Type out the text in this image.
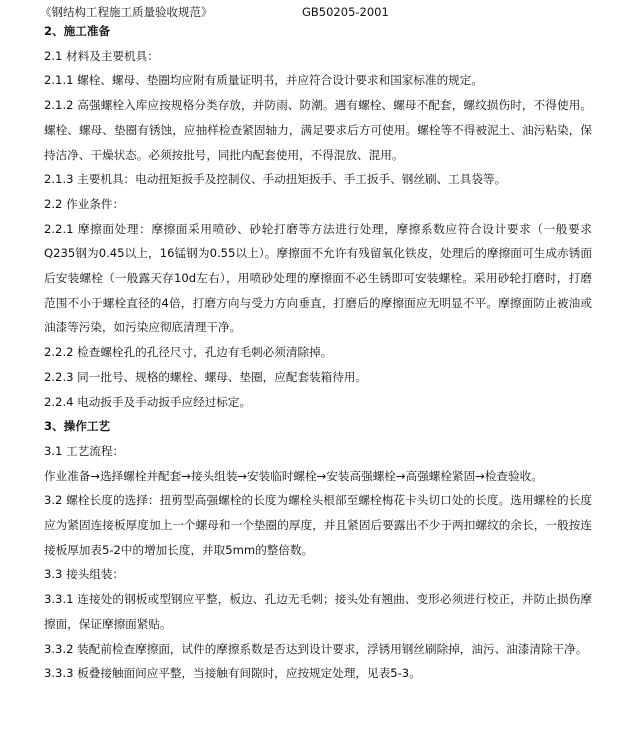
《钢结构工程施工质量验收规范》	GB50205-2001

2、施工准备

2.1 材料及主要机具：

2.1.1 螺栓、螺母、垫圈均应附有质量证明书，并应符合设计要求和国家标准的规定。

2.1.2 高强螺栓入库应按规格分类存放，并防雨、防潮。遇有螺栓、螺母不配套，螺纹损伤时，不得使用。螺栓、螺母、垫圈有锈蚀，应抽样检查紧固轴力，满足要求后方可使用。螺栓等不得被泥土、油污粘染，保持洁净、干燥状态。必须按批号，同批内配套使用，不得混放、混用。

2.1.3 主要机具：电动扭矩扳手及控制仪、手动扭矩扳手、手工扳手、钢丝刷、工具袋等。

2.2 作业条件：

2.2.1 摩擦面处理：摩擦面采用喷砂、砂轮打磨等方法进行处理，摩擦系数应符合设计要求（一般要求Q235钢为0.45以上，16锰钢为0.55以上）。摩擦面不允许有残留氧化铁皮，处理后的摩擦面可生成赤锈面后安装螺栓（一般露天存10d左右），用喷砂处理的摩擦面不必生锈即可安装螺栓。采用砂轮打磨时，打磨范围不小于螺栓直径的4倍，打磨方向与受力方向垂直，打磨后的摩擦面应无明显不平。摩擦面防止被油或油漆等污染，如污染应彻底清理干净。

2.2.2 检查螺栓孔的孔径尺寸，孔边有毛刺必须清除掉。

2.2.3 同一批号、规格的螺栓、螺母、垫圈，应配套装箱待用。

2.2.4 电动扳手及手动扳手应经过标定。

3、操作工艺

3.1 工艺流程：

作业准备→选择螺栓并配套→接头组装→安装临时螺栓→安装高强螺栓→高强螺栓紧固→检查验收。

3.2 螺栓长度的选择：扭剪型高强螺栓的长度为螺栓头根部至螺栓梅花卡头切口处的长度。选用螺栓的长度应为紧固连接板厚度加上一个螺母和一个垫圈的厚度，并且紧固后要露出不少于两扣螺纹的余长，一般按连接板厚加表5-2中的增加长度，并取5mm的整倍数。

3.3 接头组装：

3.3.1 连接处的钢板或型钢应平整，板边、孔边无毛刺；接头处有翘曲、变形必须进行校正，并防止损伤摩擦面，保证摩擦面紧贴。

3.3.2 装配前检查摩擦面，试件的摩擦系数是否达到设计要求，浮锈用钢丝刷除掉，油污、油漆清除干净。

3.3.3 板叠接触面间应平整，当接触有间隙时，应按规定处理，见表5-3。
